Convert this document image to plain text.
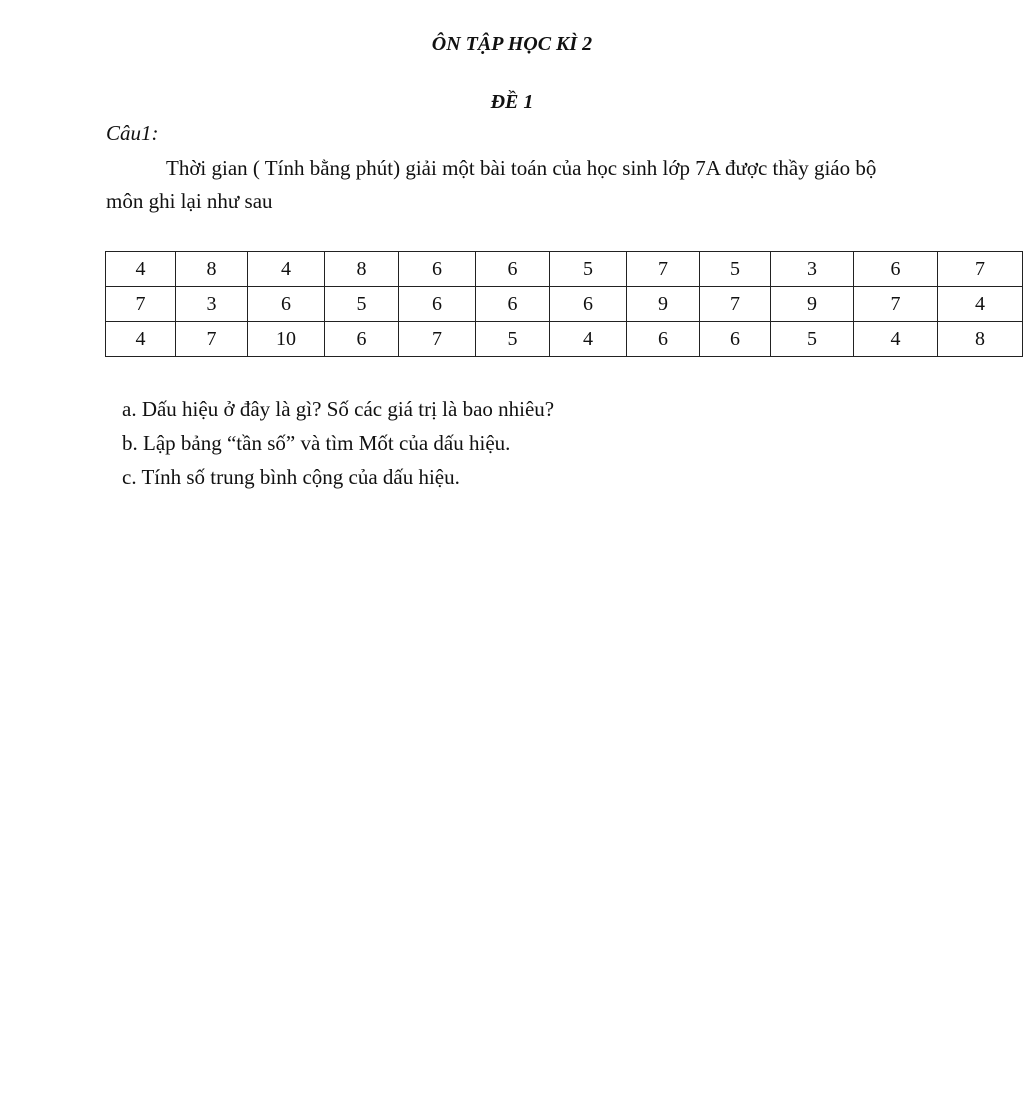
ÔN TẬP HỌC KÌ 2
ĐỀ 1
Câu1:
Thời gian ( Tính bằng phút) giải một bài toán của học sinh lớp 7A được thầy giáo bộ môn ghi lại như sau
4	8	4	8	6	6	5	7	5	3	6	7
7	3	6	5	6	6	6	9	7	9	7	4
4	7	10	6	7	5	4	6	6	5	4	8
a. Dấu hiệu ở đây là gì? Số các giá trị là bao nhiêu?
b. Lập bảng “tần số” và tìm Mốt của dấu hiệu.
c. Tính số trung bình cộng của dấu hiệu.
